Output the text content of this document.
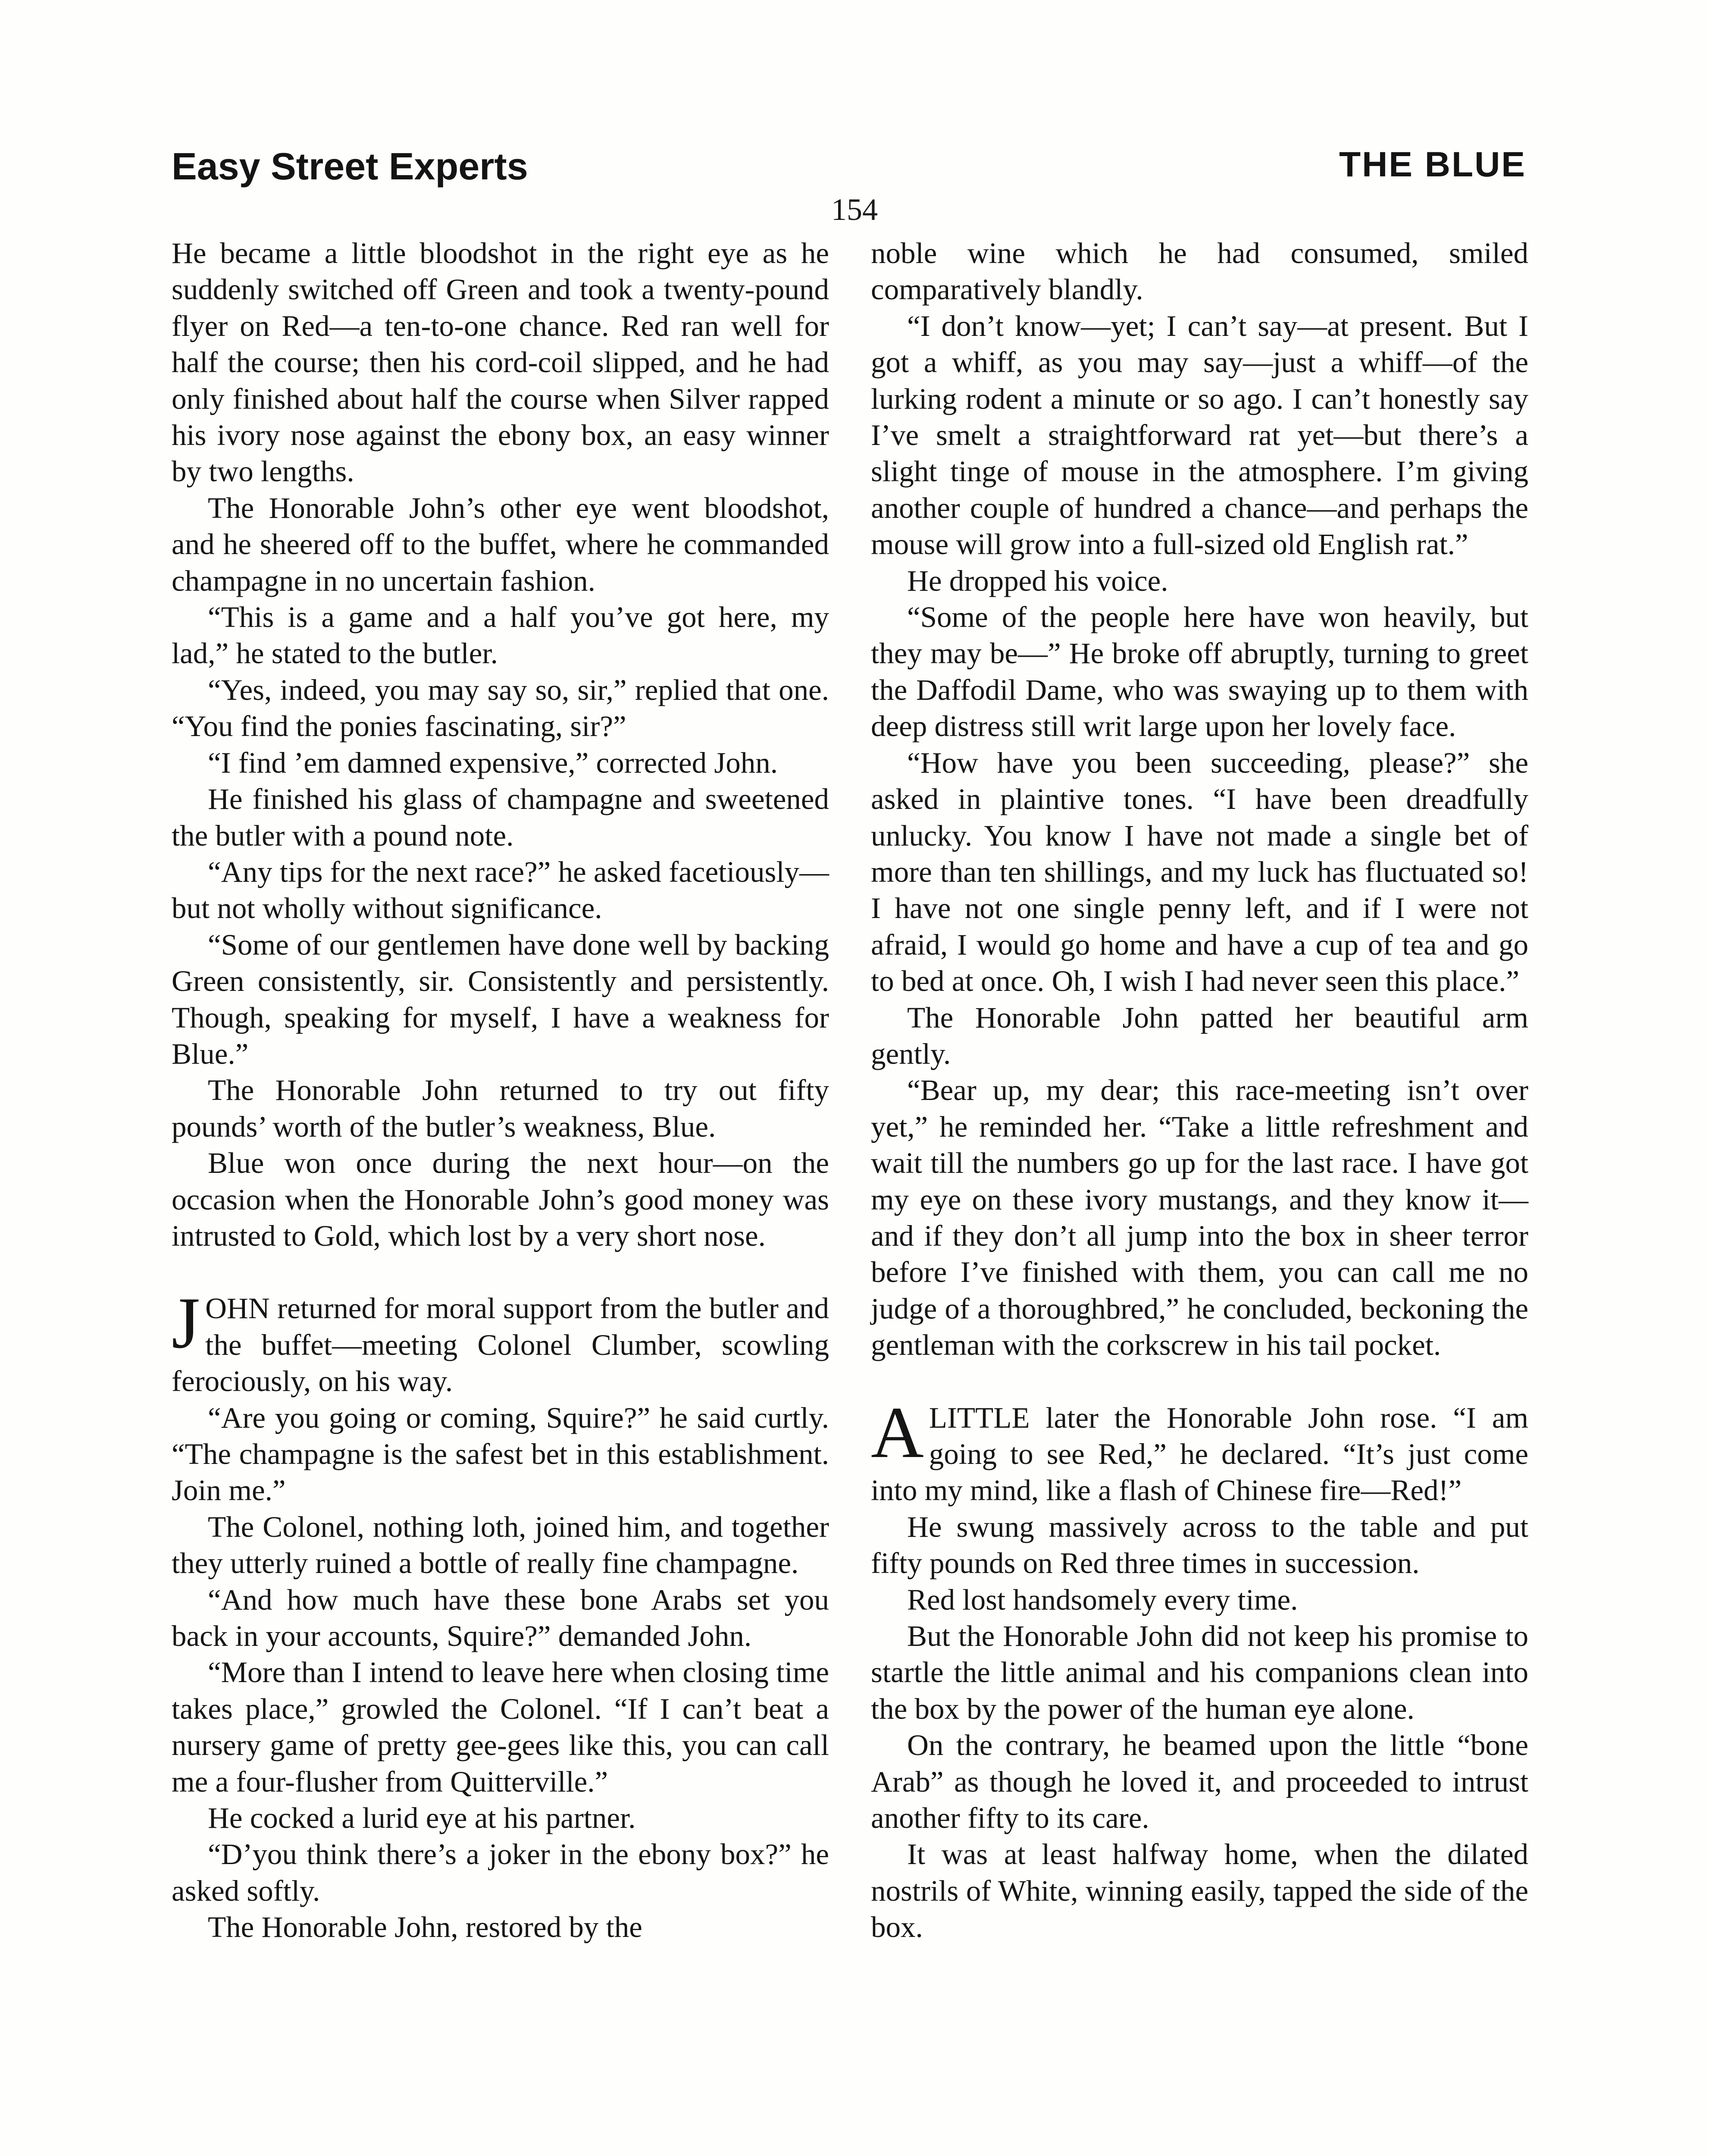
Easy Street Experts	THE BLUE
154

He became a little bloodshot in the right eye as he suddenly switched off Green and took a twenty-pound flyer on Red—a ten-to-one chance. Red ran well for half the course; then his cord-coil slipped, and he had only finished about half the course when Silver rapped his ivory nose against the ebony box, an easy winner by two lengths.

The Honorable John’s other eye went bloodshot, and he sheered off to the buffet, where he commanded champagne in no uncertain fashion.

“This is a game and a half you’ve got here, my lad,” he stated to the butler.

“Yes, indeed, you may say so, sir,” replied that one. “You find the ponies fascinating, sir?”

“I find ’em damned expensive,” corrected John.

He finished his glass of champagne and sweetened the butler with a pound note.

“Any tips for the next race?” he asked facetiously—but not wholly without significance.

“Some of our gentlemen have done well by backing Green consistently, sir. Consistently and persistently. Though, speaking for myself, I have a weakness for Blue.”

The Honorable John returned to try out fifty pounds’ worth of the butler’s weakness, Blue.

Blue won once during the next hour—on the occasion when the Honorable John’s good money was intrusted to Gold, which lost by a very short nose.

JOHN returned for moral support from the butler and the buffet—meeting Colonel Clumber, scowling ferociously, on his way.

“Are you going or coming, Squire?” he said curtly. “The champagne is the safest bet in this establishment. Join me.”

The Colonel, nothing loth, joined him, and together they utterly ruined a bottle of really fine champagne.

“And how much have these bone Arabs set you back in your accounts, Squire?” demanded John.

“More than I intend to leave here when closing time takes place,” growled the Colonel. “If I can’t beat a nursery game of pretty gee-gees like this, you can call me a four-flusher from Quitterville.”

He cocked a lurid eye at his partner.

“D’you think there’s a joker in the ebony box?” he asked softly.

The Honorable John, restored by the

noble wine which he had consumed, smiled comparatively blandly.

“I don’t know—yet; I can’t say—at present. But I got a whiff, as you may say—just a whiff—of the lurking rodent a minute or so ago. I can’t honestly say I’ve smelt a straightforward rat yet—but there’s a slight tinge of mouse in the atmosphere. I’m giving another couple of hundred a chance—and perhaps the mouse will grow into a full-sized old English rat.”

He dropped his voice.

“Some of the people here have won heavily, but they may be—” He broke off abruptly, turning to greet the Daffodil Dame, who was swaying up to them with deep distress still writ large upon her lovely face.

“How have you been succeeding, please?” she asked in plaintive tones. “I have been dreadfully unlucky. You know I have not made a single bet of more than ten shillings, and my luck has fluctuated so! I have not one single penny left, and if I were not afraid, I would go home and have a cup of tea and go to bed at once. Oh, I wish I had never seen this place.”

The Honorable John patted her beautiful arm gently.

“Bear up, my dear; this race-meeting isn’t over yet,” he reminded her. “Take a little refreshment and wait till the numbers go up for the last race. I have got my eye on these ivory mustangs, and they know it—and if they don’t all jump into the box in sheer terror before I’ve finished with them, you can call me no judge of a thoroughbred,” he concluded, beckoning the gentleman with the corkscrew in his tail pocket.

ALITTLE later the Honorable John rose. “I am going to see Red,” he declared. “It’s just come into my mind, like a flash of Chinese fire—Red!”

He swung massively across to the table and put fifty pounds on Red three times in succession.

Red lost handsomely every time.

But the Honorable John did not keep his promise to startle the little animal and his companions clean into the box by the power of the human eye alone.

On the contrary, he beamed upon the little “bone Arab” as though he loved it, and proceeded to intrust another fifty to its care.

It was at least halfway home, when the dilated nostrils of White, winning easily, tapped the side of the box.
